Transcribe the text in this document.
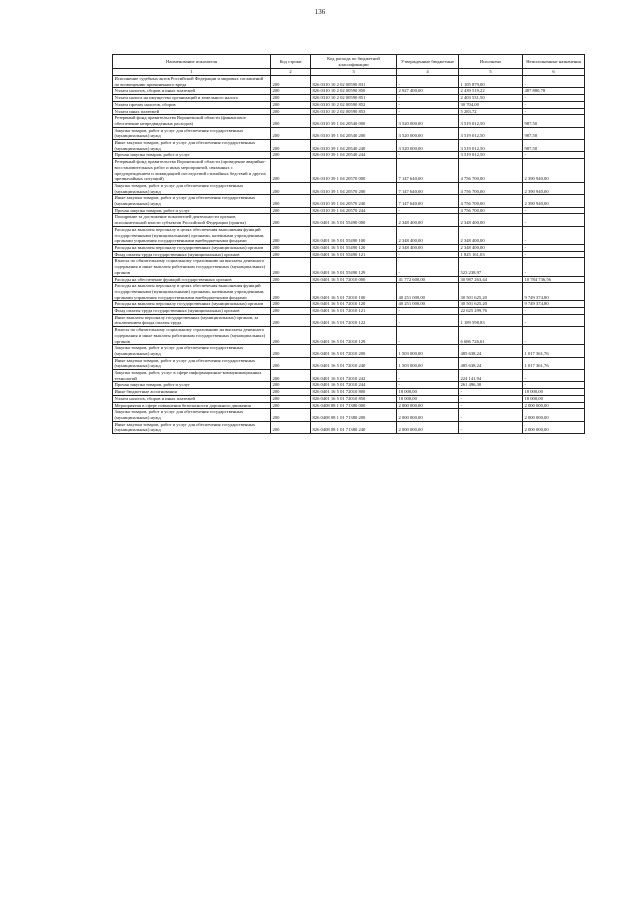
136
Наименование показателя	Код строки	Код расхода по бюджетной классификации	Утвержденные бюджетные	Исполнено	Неисполненные назначения
1	2	3	4	5	6
Исполнение судебных актов Российской Федерации и мировых соглашений по возмещению причиненного вреда	200	826 0310 10 2 02 00590 831	-	1 105 879,00	-
Уплата налогов, сборов и иных платежей	200	826 0310 10 2 02 00590 850	2 927 400,00	2 439 519,22	487 880,78
Уплата налога на имущество организаций и земельного налога	200	826 0310 10 2 02 00590 851	-	2 403 531,50	-
Уплата прочих налогов, сборов	200	826 0310 10 2 02 00590 852	-	30 704,00	-
Уплата иных платежей	200	826 0310 10 2 02 00590 853	-	5 283,72	-
Резервный фонд правительства Воронежской области (финансовое обеспечение непредвиденных расходов)	200	826 0310 39 1 04 20540 000	3 520 000,00	3 519 012,50	987,50
Закупка товаров, работ и услуг для обеспечения государственных (муниципальных) нужд	200	826 0310 39 1 04 20540 200	3 520 000,00	3 519 012,50	987,50
Иные закупки товаров, работ и услуг для обеспечения государственных (муниципальных) нужд	200	826 0310 39 1 04 20540 240	3 520 000,00	3 519 012,50	987,50
Прочая закупка товаров, работ и услуг	200	826 0310 39 1 04 20540 244	-	3 519 012,50	-
Резервный фонд правительства Воронежской области (проведение аварийно-восстановительных работ и иных мероприятий, связанных с предупреждением и ликвидацией последствий стихийных бедствий и других чрезвычайных ситуаций)	200	826 0310 39 1 04 20570 000	7 147 640,00	4 756 700,00	2 390 940,00
Закупка товаров, работ и услуг для обеспечения государственных (муниципальных) нужд	200	826 0310 39 1 04 20570 200	7 147 640,00	4 756 700,00	2 390 940,00
Иные закупки товаров, работ и услуг для обеспечения государственных (муниципальных) нужд	200	826 0310 39 1 04 20570 240	7 147 640,00	4 756 700,00	2 390 940,00
Прочая закупка товаров, работ и услуг	200	826 0310 39 1 04 20570 244	-	4 756 700,00	-
Поощрение за достижение показателей деятельности органов исполнительной власти субъектов Российской Федерации (гранты)	200	826 0401 16 5 01 55490 000	2 348 400,00	2 348 400,00	-
Расходы на выплаты персоналу в целях обеспечения выполнения функций государственными (муниципальными) органами, казенными учреждениями, органами управления государственными внебюджетными фондами	200	826 0401 16 5 01 55490 100	2 348 400,00	2 348 400,00	-
Расходы на выплаты персоналу государственных (муниципальных) органов	200	826 0401 16 5 01 55490 120	2 348 400,00	2 348 400,00	-
Фонд оплаты труда государственных (муниципальных) органов	200	826 0401 16 5 01 55490 121	-	1 825 161,03	-
Взносы по обязательному социальному страхованию на выплаты денежного содержания и иные выплаты работникам государственных (муниципальных) органов	200	826 0401 16 5 01 55490 129	-	523 238,97	-
Расходы на обеспечение функций государственных органов	200	826 0401 16 5 01 72010 000	41 772 600,00	30 987 263,44	10 784 736,56
Расходы на выплаты персоналу в целях обеспечения выполнения функций государственными (муниципальными) органами, казенными учреждениями, органами управления государственными внебюджетными фондами	200	826 0401 16 5 01 72010 100	40 251 000,00	30 501 625,20	9 749 374,80
Расходы на выплаты персоналу государственных (муниципальных) органов	200	826 0401 16 5 01 72010 120	40 251 000,00	30 501 625,20	9 749 374,80
Фонд оплаты труда государственных (муниципальных) органов	200	826 0401 16 5 01 72010 121	-	22 625 299,76	-
Иные выплаты персоналу государственных (муниципальных) органов, за исключением фонда оплаты труда	200	826 0401 16 5 01 72010 122	-	1 189 598,83	-
Взносы по обязательному социальному страхованию на выплаты денежного содержания и иные выплаты работникам государственных (муниципальных) органов	200	826 0401 16 5 01 72010 129	-	6 686 726,61	-
Закупка товаров, работ и услуг для обеспечения государственных (муниципальных) нужд	200	826 0401 16 5 01 72010 200	1 503 000,00	485 638,24	1 017 361,76
Иные закупки товаров, работ и услуг для обеспечения государственных (муниципальных) нужд	200	826 0401 16 5 01 72010 240	1 503 000,00	485 638,24	1 017 361,76
Закупка товаров, работ, услуг в сфере информационно-коммуникационных технологий	200	826 0401 16 5 01 72010 242	-	224 141,94	-
Прочая закупка товаров, работ и услуг	200	826 0401 16 5 01 72010 244	-	261 496,30	-
Иные бюджетные ассигнования	200	826 0401 16 5 01 72010 800	18 000,00	-	18 000,00
Уплата налогов, сборов и иных платежей	200	826 0401 16 5 01 72010 850	18 000,00	-	18 000,00
Мероприятия в сфере повышения безопасности дорожного движения	200	826 0408 08 1 01 71380 000	2 000 000,00	-	2 000 000,00
Закупка товаров, работ и услуг для обеспечения государственных (муниципальных) нужд	200	826 0408 08 1 01 71380 200	2 000 000,00	-	2 000 000,00
Иные закупки товаров, работ и услуг для обеспечения государственных (муниципальных) нужд	200	826 0408 08 1 01 71380 240	2 000 000,00	-	2 000 000,00
